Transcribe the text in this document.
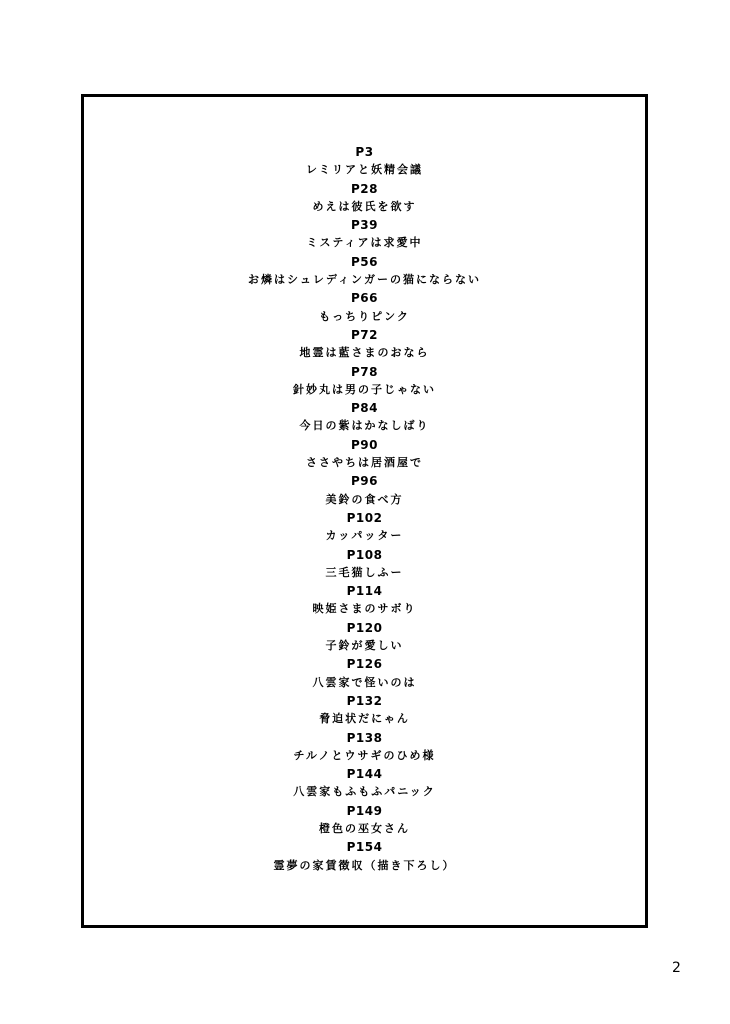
P3
レミリアと妖精会議
P28
めえは彼氏を欲す
P39
ミスティアは求愛中
P56
お燐はシュレディンガーの猫にならない
P66
もっちりピンク
P72
地霊は藍さまのおなら
P78
針妙丸は男の子じゃない
P84
今日の紫はかなしばり
P90
ささやちは居酒屋で
P96
美鈴の食べ方
P102
カッパッター
P108
三毛猫しふー
P114
映姫さまのサボり
P120
子鈴が愛しい
P126
八雲家で怪いのは
P132
脅迫状だにゃん
P138
チルノとウサギのひめ様
P144
八雲家もふもふパニック
P149
橙色の巫女さん
P154
霊夢の家賃徴収（描き下ろし）
2
